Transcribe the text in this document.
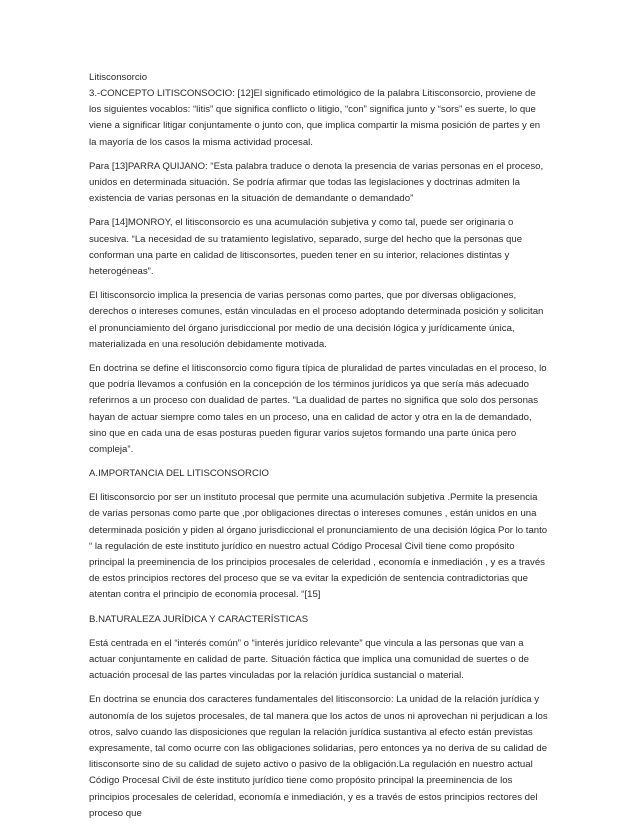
Litisconsorcio

3.-CONCEPTO LITISCONSOCIO: [12]El significado etimológico de la palabra Litisconsorcio, proviene de los siguientes vocablos: “litis” que significa conflicto o litigio, “con” significa junto y “sors” es suerte, lo que viene a significar litigar conjuntamente o junto con, que implica compartir la misma posición de partes y en la mayoría de los casos la misma actividad procesal.

Para [13]PARRA QUIJANO: “Esta palabra traduce o denota la presencia de varias personas en el proceso, unidos en determinada situación. Se podría afirmar que todas las legislaciones y doctrinas admiten la existencia de varias personas en la situación de demandante o demandado”

Para [14]MONROY, el litisconsorcio es una acumulación subjetiva y como tal, puede ser originaria o sucesiva. “La necesidad de su tratamiento legislativo, separado, surge del hecho que la personas que conforman una parte en calidad de litisconsortes, pueden tener en su interior, relaciones distintas y heterogéneas”.

El litisconsorcio implica la presencia de varias personas como partes, que por diversas obligaciones, derechos o intereses comunes, están vinculadas en el proceso adoptando determinada posición y solicitan el pronunciamiento del órgano jurisdiccional por medio de una decisión lógica y jurídicamente única, materializada en una resolución debidamente motivada.

En doctrina se define el litisconsorcio como figura típica de pluralidad de partes vinculadas en el proceso, lo que podría llevamos a confusión en la concepción de los términos jurídicos ya que sería más adecuado referirnos a un proceso con dualidad de partes. “La dualidad de partes no significa que solo dos personas hayan de actuar siempre como tales en un proceso, una en calidad de actor y otra en la de demandado, sino que en cada una de esas posturas pueden figurar varios sujetos formando una parte única pero compleja”.

A.IMPORTANCIA DEL LITISCONSORCIO

El litisconsorcio por ser un instituto procesal que permite una acumulación subjetiva .Permite la presencia de varias personas como parte que ,por obligaciones directas o intereses comunes , están unidos en una determinada posición y piden al órgano jurisdiccional el pronunciamiento de una decisión lógica Por lo tanto “ la regulación de este instituto jurídico en nuestro actual Código Procesal Civil tiene como propósito principal la preeminencia de los principios procesales de celeridad , economía e inmediación , y es a través de estos principios rectores del proceso que se va evitar la expedición de sentencia contradictorias que atentan contra el principio de economía procesal. “[15]

B.NATURALEZA JURÍDICA Y CARACTERÍSTICAS

Está centrada en el “interés común” o “interés jurídico relevante” que vincula a las personas que van a actuar conjuntamente en calidad de parte. Situación fáctica que implica una comunidad de suertes o de actuación procesal de las partes vinculadas por la relación jurídica sustancial o material.

En doctrina se enuncia dos caracteres fundamentales del litisconsorcio: La unidad de la relación jurídica y autonomía de los sujetos procesales, de tal manera que los actos de unos ni aprovechan ni perjudican a los otros, salvo cuando las disposiciones que regulan la relación jurídica sustantiva al efecto están previstas expresamente, tal como ocurre con las obligaciones solidarias, pero entonces ya no deriva de su calidad de litisconsorte sino de su calidad de sujeto activo o pasivo de la obligación.La regulación en nuestro actual Código Procesal Civil de éste instituto jurídico tiene como propósito principal la preeminencia de los principios procesales de celeridad, economía e inmediación, y es a través de estos principios rectores del proceso que
